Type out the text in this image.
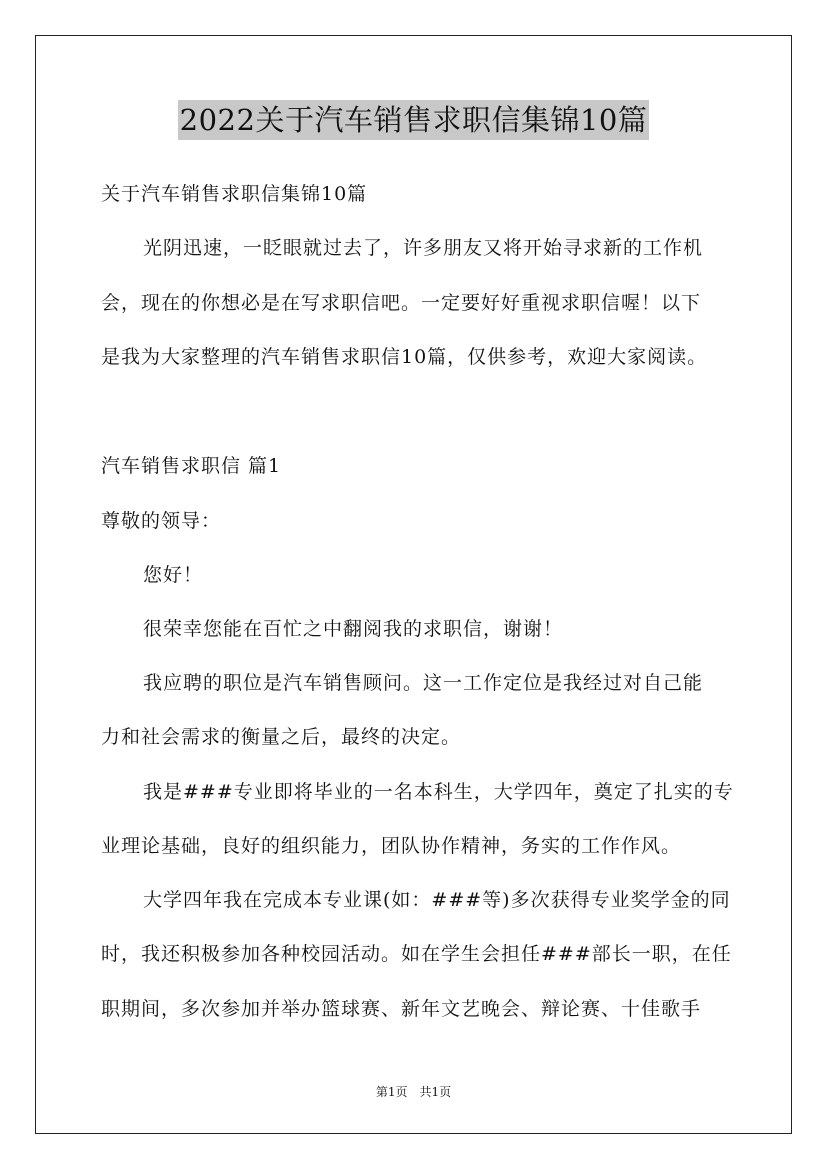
2022关于汽车销售求职信集锦10篇
关于汽车销售求职信集锦10篇
光阴迅速，一眨眼就过去了，许多朋友又将开始寻求新的工作机
会，现在的你想必是在写求职信吧。一定要好好重视求职信喔！以下
是我为大家整理的汽车销售求职信10篇，仅供参考，欢迎大家阅读。
汽车销售求职信 篇1
尊敬的领导：
您好！
很荣幸您能在百忙之中翻阅我的求职信，谢谢！
我应聘的职位是汽车销售顾问。这一工作定位是我经过对自己能
力和社会需求的衡量之后，最终的决定。
我是###专业即将毕业的一名本科生，大学四年，奠定了扎实的专
业理论基础，良好的组织能力，团队协作精神，务实的工作作风。
大学四年我在完成本专业课(如：###等)多次获得专业奖学金的同
时，我还积极参加各种校园活动。如在学生会担任###部长一职，在任
职期间，多次参加并举办篮球赛、新年文艺晚会、辩论赛、十佳歌手
第1页　共1页
